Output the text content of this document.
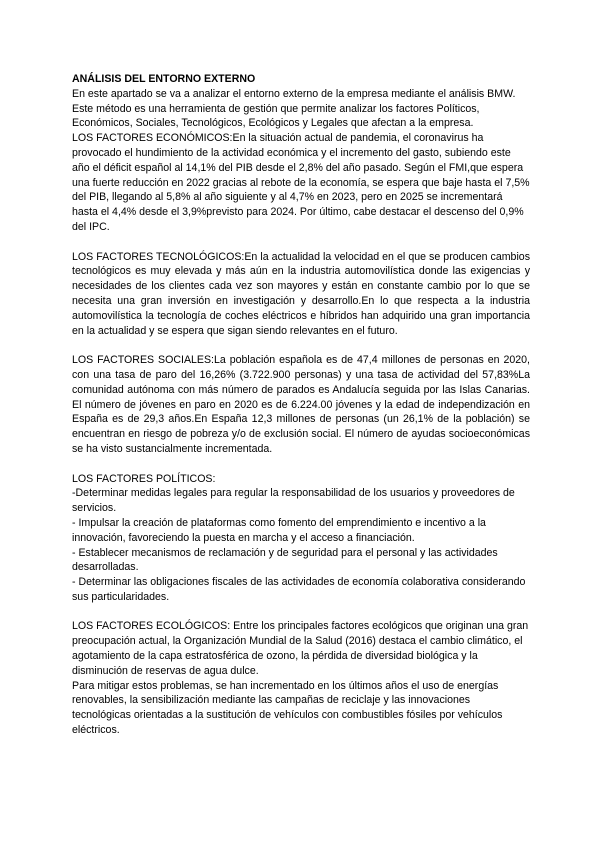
ANÁLISIS DEL ENTORNO EXTERNO

En este apartado se va a analizar el entorno externo de la empresa mediante el análisis BMW. Este método es una herramienta de gestión que permite analizar los factores Políticos, Económicos, Sociales, Tecnológicos, Ecológicos y Legales que afectan a la empresa.

LOS FACTORES ECONÓMICOS:En la situación actual de pandemia, el coronavirus ha provocado el hundimiento de la actividad económica y el incremento del gasto, subiendo este año el déficit español al 14,1% del PIB desde el 2,8% del año pasado. Según el FMI,que espera una fuerte reducción en 2022 gracias al rebote de la economía, se espera que baje hasta el 7,5% del PIB, llegando al 5,8% al año siguiente y al 4,7% en 2023, pero en 2025 se incrementará hasta el 4,4% desde el 3,9%previsto para 2024. Por último, cabe destacar el descenso del 0,9% del IPC.

LOS FACTORES TECNOLÓGICOS:En la actualidad la velocidad en el que se producen cambios tecnológicos es muy elevada y más aún en la industria automovilística donde las exigencias y necesidades de los clientes cada vez son mayores y están en constante cambio por lo que se necesita una gran inversión en investigación y desarrollo.En lo que respecta a la industria automovilística la tecnología de coches eléctricos e híbridos han adquirido una gran importancia en la actualidad y se espera que sigan siendo relevantes en el futuro.

LOS FACTORES SOCIALES:La población española es de 47,4 millones de personas en 2020, con una tasa de paro del 16,26% (3.722.900 personas) y una tasa de actividad del 57,83%La comunidad autónoma con más número de parados es Andalucía seguida por las Islas Canarias. El número de jóvenes en paro en 2020 es de 6.224.00 jóvenes y la edad de independización en España es de 29,3 años.En España 12,3 millones de personas (un 26,1% de la población) se encuentran en riesgo de pobreza y/o de exclusión social. El número de ayudas socioeconómicas se ha visto sustancialmente incrementada.

LOS FACTORES POLÍTICOS:

-Determinar medidas legales para regular la responsabilidad de los usuarios y proveedores de servicios.

- Impulsar la creación de plataformas como fomento del emprendimiento e incentivo a la innovación, favoreciendo la puesta en marcha y el acceso a financiación.

- Establecer mecanismos de reclamación y de seguridad para el personal y las actividades desarrolladas.

- Determinar las obligaciones fiscales de las actividades de economía colaborativa considerando sus particularidades.

LOS FACTORES ECOLÓGICOS: Entre los principales factores ecológicos que originan una gran preocupación actual, la Organización Mundial de la Salud (2016) destaca el cambio climático, el agotamiento de la capa estratosférica de ozono, la pérdida de diversidad biológica y la disminución de reservas de agua dulce.

Para mitigar estos problemas, se han incrementado en los últimos años el uso de energías renovables, la sensibilización mediante las campañas de reciclaje y las innovaciones tecnológicas orientadas a la sustitución de vehículos con combustibles fósiles por vehículos eléctricos.
